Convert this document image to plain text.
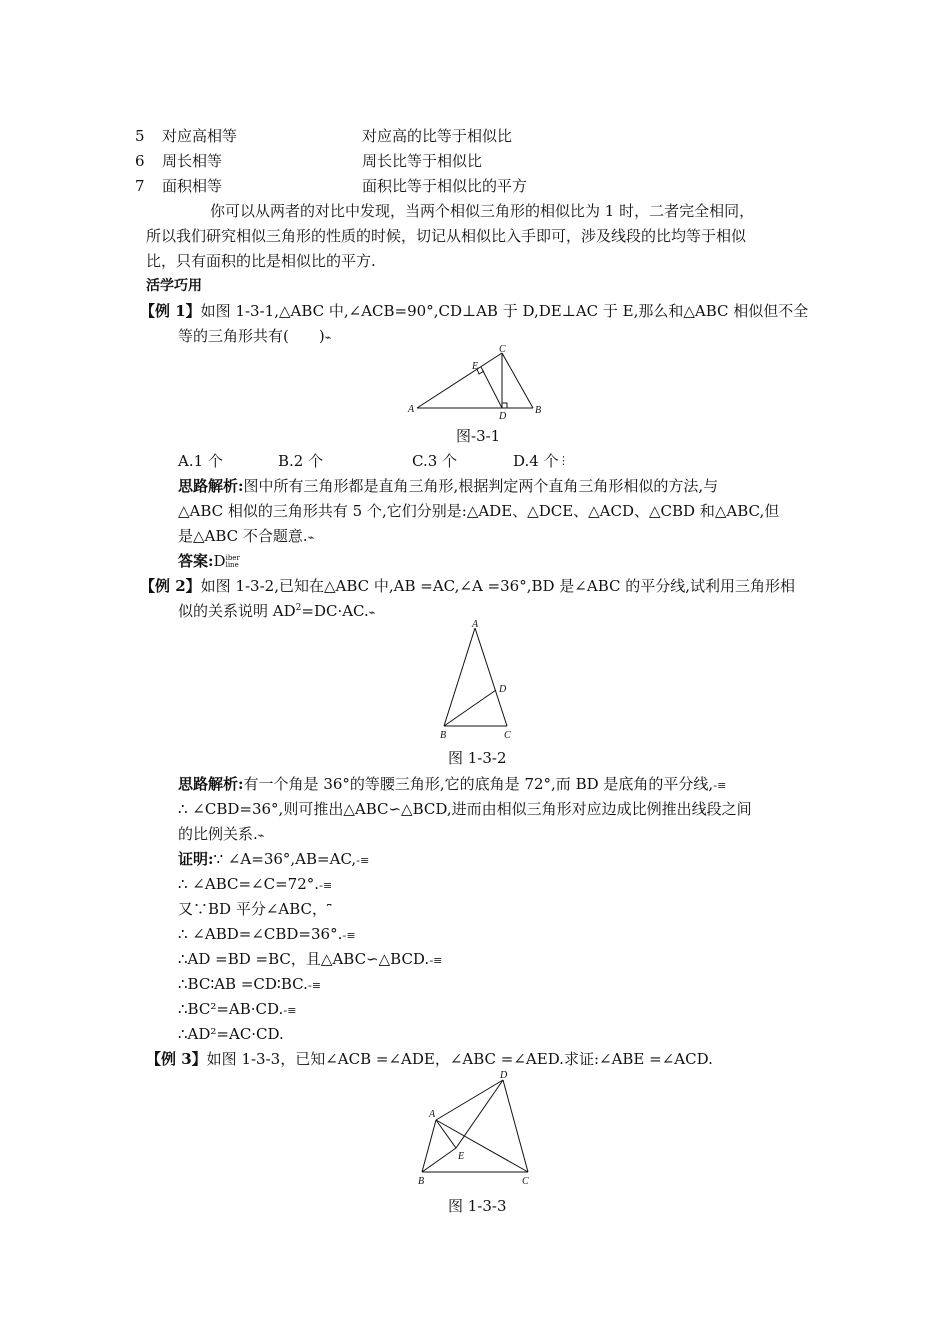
5 对应高相等	对应高的比等于相似比
6 周长相等	周长比等于相似比
7 面积相等	面积比等于相似比的平方
你可以从两者的对比中发现，当两个相似三角形的相似比为 1 时，二者完全相同，
所以我们研究相似三角形的性质的时候，切记从相似比入手即可，涉及线段的比均等于相似
比，只有面积的比是相似比的平方.
活学巧用
【例 1】如图 1-3-1,△ABC 中,∠ACB=90°,CD⊥AB 于 D,DE⊥AC 于 E,那么和△ABC 相似但不全
等的三角形共有(　　)⌁
A	B
C
D
E
图-3-1
A.1 个	B.2 个	C.3 个	D.4 个 ⋮
思路解析:图中所有三角形都是直角三角形,根据判定两个直角三角形相似的方法,与
△ABC 相似的三角形共有 5 个,它们分别是:△ADE、△DCE、△ACD、△CBD 和△ABC,但
是△ABC 不合题意.⌁
答案:Diber
line
【例 2】如图 1-3-2,已知在△ABC 中,AB =AC,∠A =36°,BD 是∠ABC 的平分线,试利用三角形相
似的关系说明 $AD^2=DC\cdot AC.⌁$
A
B	C
D
图 1-3-2
思路解析:有一个角是 36°的等腰三角形,它的底角是 72°,而 BD 是底角的平分线,-≡
∴ ∠CBD=36°,则可推出△ABC∽△BCD,进而由相似三角形对应边成比例推出线段之间
的比例关系.⌁
证明:∵ ∠A=36°,AB=AC,-≡
∴ ∠ABC=∠C=72°.-≡
又∵BD 平分∠ABC，⎴
∴ ∠ABD=∠CBD=36°.-≡
∴AD =BD =BC，且△ABC∽△BCD.-≡
∴BC∶AB =CD∶BC.-≡
∴BC²=AB·CD.-≡
∴AD²=AC·CD.
【例 3】如图 1-3-3，已知∠ACB =∠ADE，∠ABC =∠AED.求证:∠ABE =∠ACD.
A
B	C
D
E
图 1-3-3
